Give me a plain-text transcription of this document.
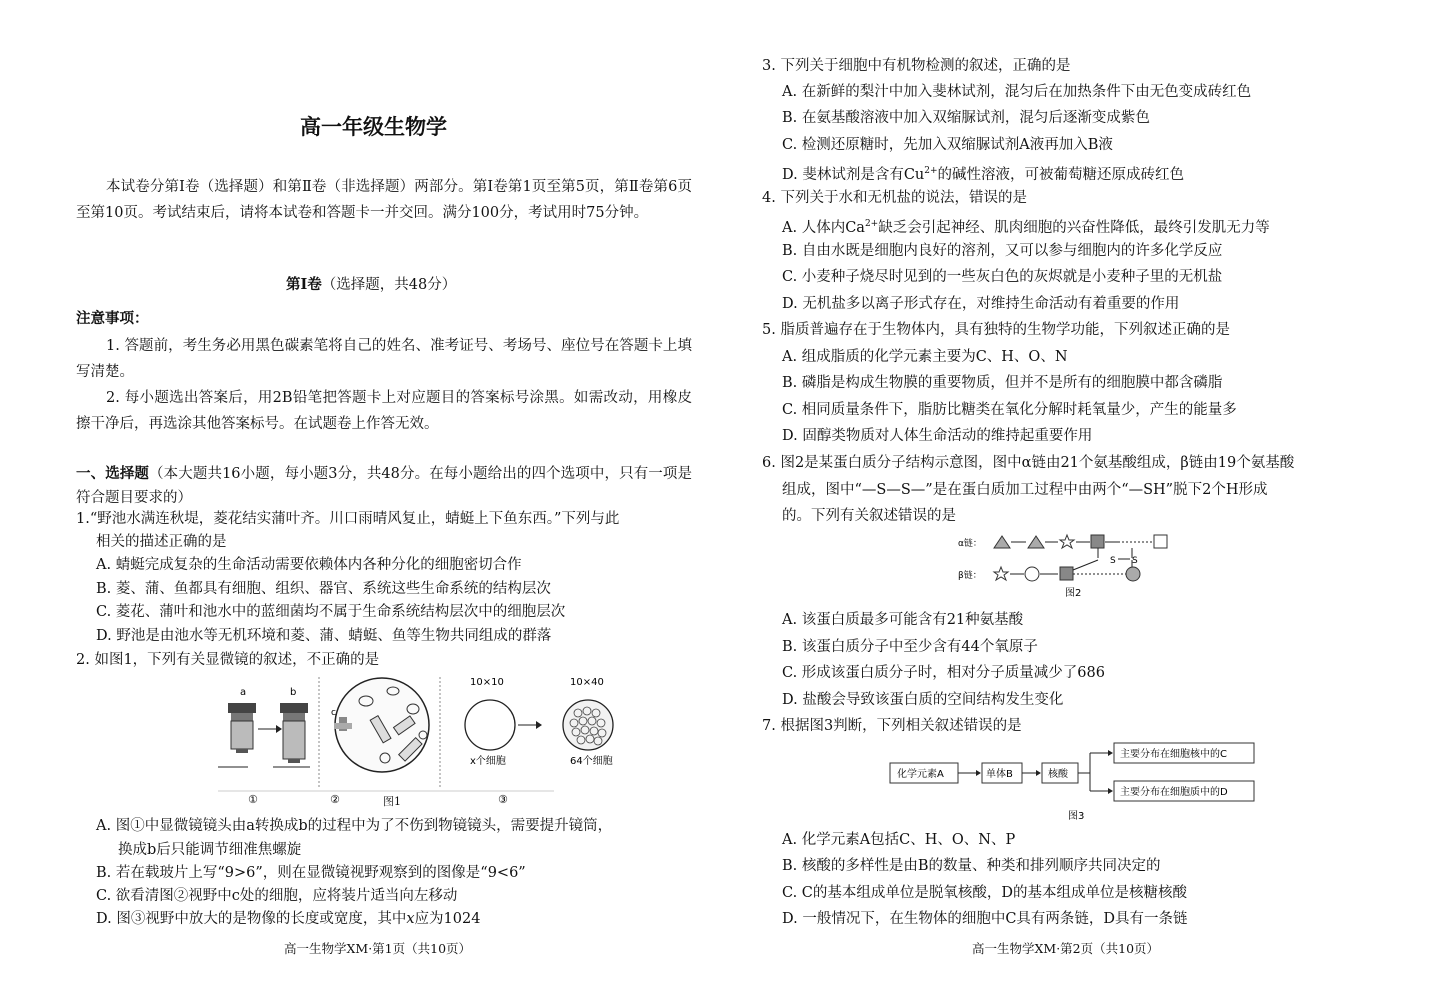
高一年级生物学
本试卷分第Ⅰ卷（选择题）和第Ⅱ卷（非选择题）两部分。第Ⅰ卷第1页至第5页，第Ⅱ卷第6页至第10页。考试结束后，请将本试卷和答题卡一并交回。满分100分，考试用时75分钟。
第Ⅰ卷（选择题，共48分）
注意事项：
1. 答题前，考生务必用黑色碳素笔将自己的姓名、准考证号、考场号、座位号在答题卡上填写清楚。
2. 每小题选出答案后，用2B铅笔把答题卡上对应题目的答案标号涂黑。如需改动，用橡皮擦干净后，再选涂其他答案标号。在试题卷上作答无效。
一、选择题（本大题共16小题，每小题3分，共48分。在每小题给出的四个选项中，只有一项是符合题目要求的）
1.“野池水满连秋堤，菱花结实蒲叶齐。川口雨晴风复止，蜻蜓上下鱼东西。”下列与此
相关的描述正确的是
A. 蜻蜓完成复杂的生命活动需要依赖体内各种分化的细胞密切合作
B. 菱、蒲、鱼都具有细胞、组织、器官、系统这些生命系统的结构层次
C. 菱花、蒲叶和池水中的蓝细菌均不属于生命系统结构层次中的细胞层次
D. 野池是由池水等无机环境和菱、蒲、蜻蜓、鱼等生物共同组成的群落
2. 如图1，下列有关显微镜的叙述，不正确的是
a	b
c
10×10
x个细胞
③
②
①
10×40
64个细胞
图1
A. 图①中显微镜镜头由a转换成b的过程中为了不伤到物镜镜头，需要提升镜筒，
换成b后只能调节细准焦螺旋
B. 若在载玻片上写“9>6”，则在显微镜视野观察到的图像是“9<6”
C. 欲看清图②视野中c处的细胞，应将装片适当向左移动
D. 图③视野中放大的是物像的长度或宽度，其中x应为1024
高一生物学XM·第1页（共10页）
3. 下列关于细胞中有机物检测的叙述，正确的是
A. 在新鲜的梨汁中加入斐林试剂，混匀后在加热条件下由无色变成砖红色
B. 在氨基酸溶液中加入双缩脲试剂，混匀后逐渐变成紫色
C. 检测还原糖时，先加入双缩脲试剂A液再加入B液
D. 斐林试剂是含有$Cu^{2+}$的碱性溶液，可被葡萄糖还原成砖红色
4. 下列关于水和无机盐的说法，错误的是
A. 人体内$Ca^{2+}$缺乏会引起神经、肌肉细胞的兴奋性降低，最终引发肌无力等
B. 自由水既是细胞内良好的溶剂，又可以参与细胞内的许多化学反应
C. 小麦种子烧尽时见到的一些灰白色的灰烬就是小麦种子里的无机盐
D. 无机盐多以离子形式存在，对维持生命活动有着重要的作用
5. 脂质普遍存在于生物体内，具有独特的生物学功能，下列叙述正确的是
A. 组成脂质的化学元素主要为C、H、O、N
B. 磷脂是构成生物膜的重要物质，但并不是所有的细胞膜中都含磷脂
C. 相同质量条件下，脂肪比糖类在氧化分解时耗氧量少，产生的能量多
D. 固醇类物质对人体生命活动的维持起重要作用
6. 图2是某蛋白质分子结构示意图，图中α链由21个氨基酸组成，β链由19个氨基酸
组成，图中“—S—S—”是在蛋白质加工过程中由两个“—SH”脱下2个H形成
的。下列有关叙述错误的是
α链：
β链：
S S
图2
A. 该蛋白质最多可能含有21种氨基酸
B. 该蛋白质分子中至少含有44个氧原子
C. 形成该蛋白质分子时，相对分子质量减少了686
D. 盐酸会导致该蛋白质的空间结构发生变化
7. 根据图3判断，下列相关叙述错误的是
化学元素A	单体B	核酸
主要分布在细胞核中的C
主要分布在细胞质中的D
图3
A. 化学元素A包括C、H、O、N、P
B. 核酸的多样性是由B的数量、种类和排列顺序共同决定的
C. C的基本组成单位是脱氧核酸，D的基本组成单位是核糖核酸
D. 一般情况下，在生物体的细胞中C具有两条链，D具有一条链
高一生物学XM·第2页（共10页）
